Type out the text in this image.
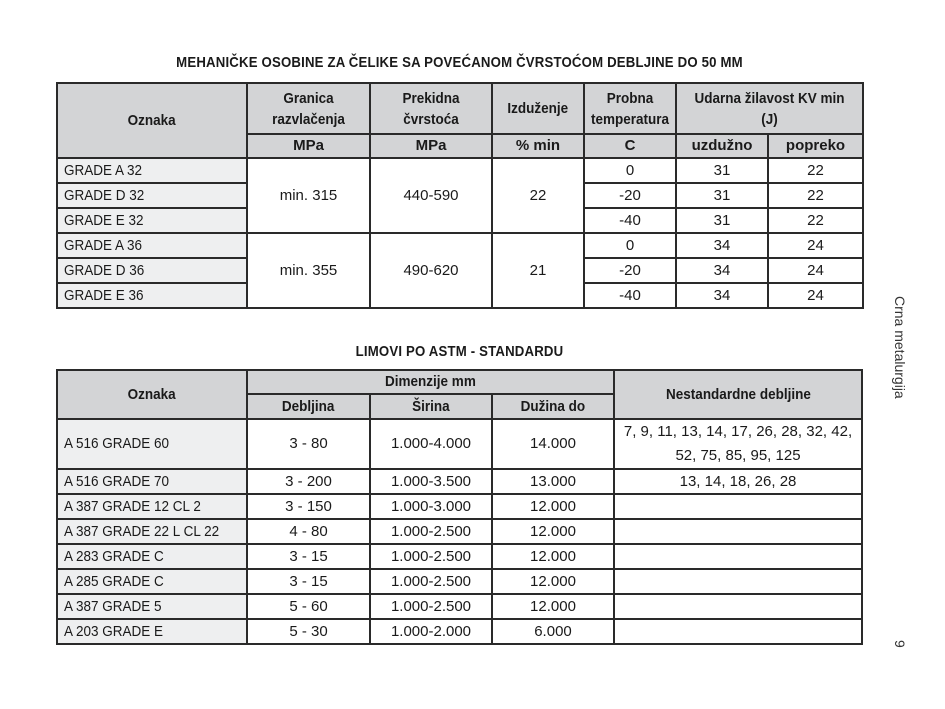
MEHANIČKE OSOBINE ZA ČELIKE SA POVEĆANOM ČVRSTOĆOM DEBLJINE DO 50 MM
Oznaka	Granica razvlačenja	Prekidna čvrstoća	Izduženje	Probna temperatura	Udarna žilavost KV min (J)	
	MPa	MPa	% min	C	uzdužno	popreko
GRADE A 32	min. 315	440-590	22	0	31	22
GRADE D 32				-20	31	22
GRADE E 32				-40	31	22
GRADE A 36	min. 355	490-620	21	0	34	24
GRADE D 36				-20	34	24
GRADE E 36				-40	34	24
LIMOVI PO ASTM - STANDARDU
Oznaka	Dimenzije mm			Nestandardne debljine
	Debljina	Širina	Dužina do	
A 516 GRADE 60	3 - 80	1.000-4.000	14.000	7, 9, 11, 13, 14, 17, 26, 28, 32, 42, 52, 75, 85, 95, 125
A 516 GRADE 70	3 - 200	1.000-3.500	13.000	13, 14, 18, 26, 28
A 387 GRADE 12 CL 2	3 - 150	1.000-3.000	12.000	
A 387 GRADE 22 L CL 22	4 - 80	1.000-2.500	12.000	
A 283 GRADE C	3 - 15	1.000-2.500	12.000	
A 285 GRADE C	3 - 15	1.000-2.500	12.000	
A 387 GRADE 5	5 - 60	1.000-2.500	12.000	
A 203 GRADE E	5 - 30	1.000-2.000	6.000	
Crna metalurgija
9
